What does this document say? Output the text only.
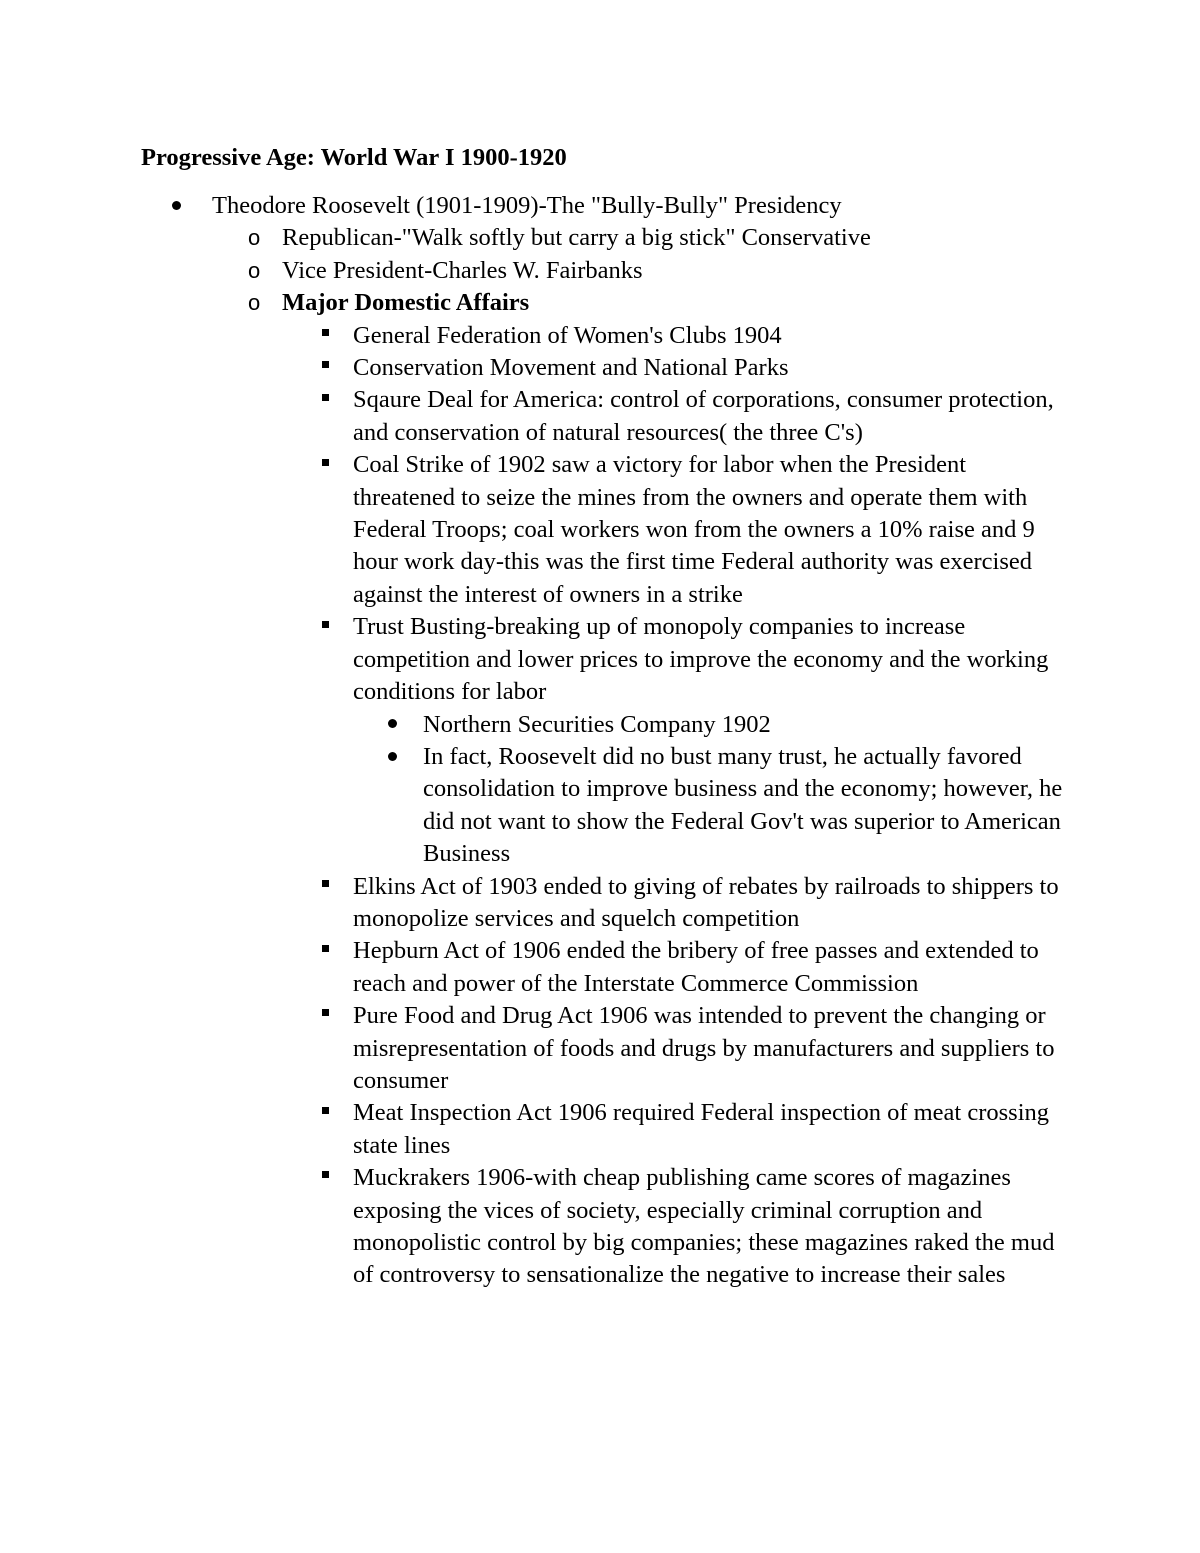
Progressive Age: World War I 1900-1920
Theodore Roosevelt (1901-1909)-The "Bully-Bully" Presidency
o Republican-"Walk softly but carry a big stick" Conservative
o Vice President-Charles W. Fairbanks
o Major Domestic Affairs
General Federation of Women's Clubs 1904
Conservation Movement and National Parks
Sqaure Deal for America: control of corporations, consumer protection, and conservation of natural resources( the three C's)
Coal Strike of 1902 saw a victory for labor when the President threatened to seize the mines from the owners and operate them with Federal Troops; coal workers won from the owners a 10% raise and 9 hour work day-this was the first time Federal authority was exercised against the interest of owners in a strike
Trust Busting-breaking up of monopoly companies to increase competition and lower prices to improve the economy and the working conditions for labor
Northern Securities Company 1902
In fact, Roosevelt did no bust many trust, he actually favored consolidation to improve business and the economy; however, he did not want to show the Federal Gov't was superior to American Business
Elkins Act of 1903 ended to giving of rebates by railroads to shippers to monopolize services and squelch competition
Hepburn Act of 1906 ended the bribery of free passes and extended to reach and power of the Interstate Commerce Commission
Pure Food and Drug Act 1906 was intended to prevent the changing or misrepresentation of foods and drugs by manufacturers and suppliers to consumer
Meat Inspection Act 1906 required Federal inspection of meat crossing state lines
Muckrakers 1906-with cheap publishing came scores of magazines exposing the vices of society, especially criminal corruption and monopolistic control by big companies; these magazines raked the mud of controversy to sensationalize the negative to increase their sales
